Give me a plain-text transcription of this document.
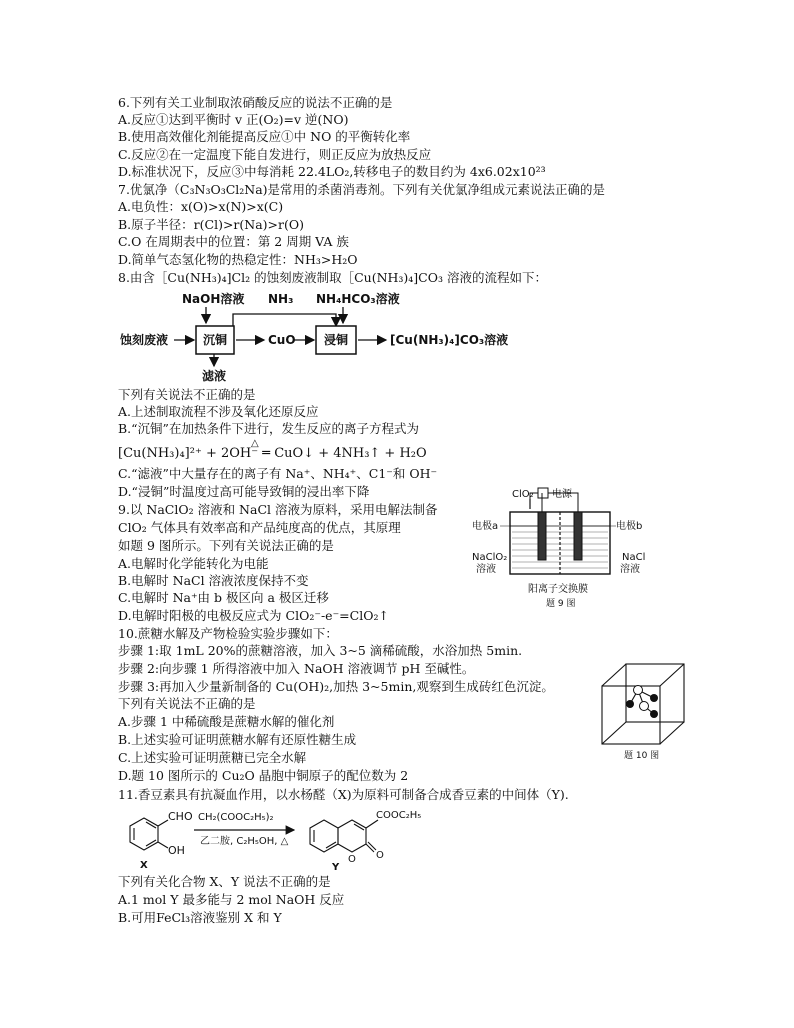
6.下列有关工业制取浓硝酸反应的说法不正确的是
A.反应①达到平衡时 v 正(O₂)=v 逆(NO)
B.使用高效催化剂能提高反应①中 NO 的平衡转化率
C.反应②在一定温度下能自发进行，则正反应为放热反应
D.标准状况下，反应③中每消耗 22.4LO₂,转移电子的数目约为 4x6.02x10²³
7.优氯净（C₃N₃O₃Cl₂Na)是常用的杀菌消毒剂。下列有关优氯净组成元素说法正确的是
A.电负性：x(O)>x(N)>x(C)
B.原子半径：r(Cl)>r(Na)>r(O)
C.O 在周期表中的位置：第 2 周期 VA 族
D.简单气态氢化物的热稳定性：NH₃>H₂O
8.由含［Cu(NH₃)₄]Cl₂ 的蚀刻废液制取［Cu(NH₃)₄]CO₃ 溶液的流程如下：
NaOH溶液 NH₃ NH₄HCO₃溶液
蚀刻废液	沉铜	CuO 浸铜	[Cu(NH₃)₄]CO₃溶液
滤液
下列有关说法不正确的是
A.上述制取流程不涉及氧化还原反应
B.“沉铜”在加热条件下进行，发生反应的离子方程式为
[Cu(NH₃)₄]²⁺ + 2OH⁻ ═ CuO↓ + 4NH₃↑ + H₂O
△
C.“滤液”中大量存在的离子有 Na⁺、NH₄⁺、C1⁻和 OH⁻
D.“浸铜”时温度过高可能导致铜的浸出率下降
9.以 NaClO₂ 溶液和 NaCl 溶液为原料，采用电解法制备
ClO₂ 气体具有效率高和产品纯度高的优点，其原理
如题 9 图所示。下列有关说法正确的是
A.电解时化学能转化为电能
B.电解时 NaCl 溶液浓度保持不变
C.电解时 Na⁺由 b 极区向 a 极区迁移
D.电解时阳极的电极反应式为 ClO₂⁻-e⁻=ClO₂↑
ClO₂ 电源
电极a	电极b
NaClO₂
溶液
NaCl
溶液
阳离子交换膜
题 9 图
10.蔗糖水解及产物检验实验步骤如下：
步骤 1:取 1mL 20%的蔗糖溶液，加入 3~5 滴稀硫酸，水浴加热 5min.
步骤 2:向步骤 1 所得溶液中加入 NaOH 溶液调节 pH 至碱性。
步骤 3:再加入少量新制备的 Cu(OH)₂,加热 3~5min,观察到生成砖红色沉淀。
下列有关说法不正确的是
A.步骤 1 中稀硫酸是蔗糖水解的催化剂
B.上述实验可证明蔗糖水解有还原性糖生成
C.上述实验可证明蔗糖已完全水解
D.题 10 图所示的 Cu₂O 晶胞中铜原子的配位数为 2
题 10 图
11.香豆素具有抗凝血作用，以水杨醛（X)为原料可制备合成香豆素的中间体（Y).
CHO
OH
X
CH₂(COOC₂H₅)₂
乙二胺, C₂H₅OH, △
COOC₂H₅
O
O
Y
下列有关化合物 X、Y 说法不正确的是
A.1 mol Y 最多能与 2 mol NaOH 反应
B.可用FeCl₃溶液鉴别 X 和 Y
